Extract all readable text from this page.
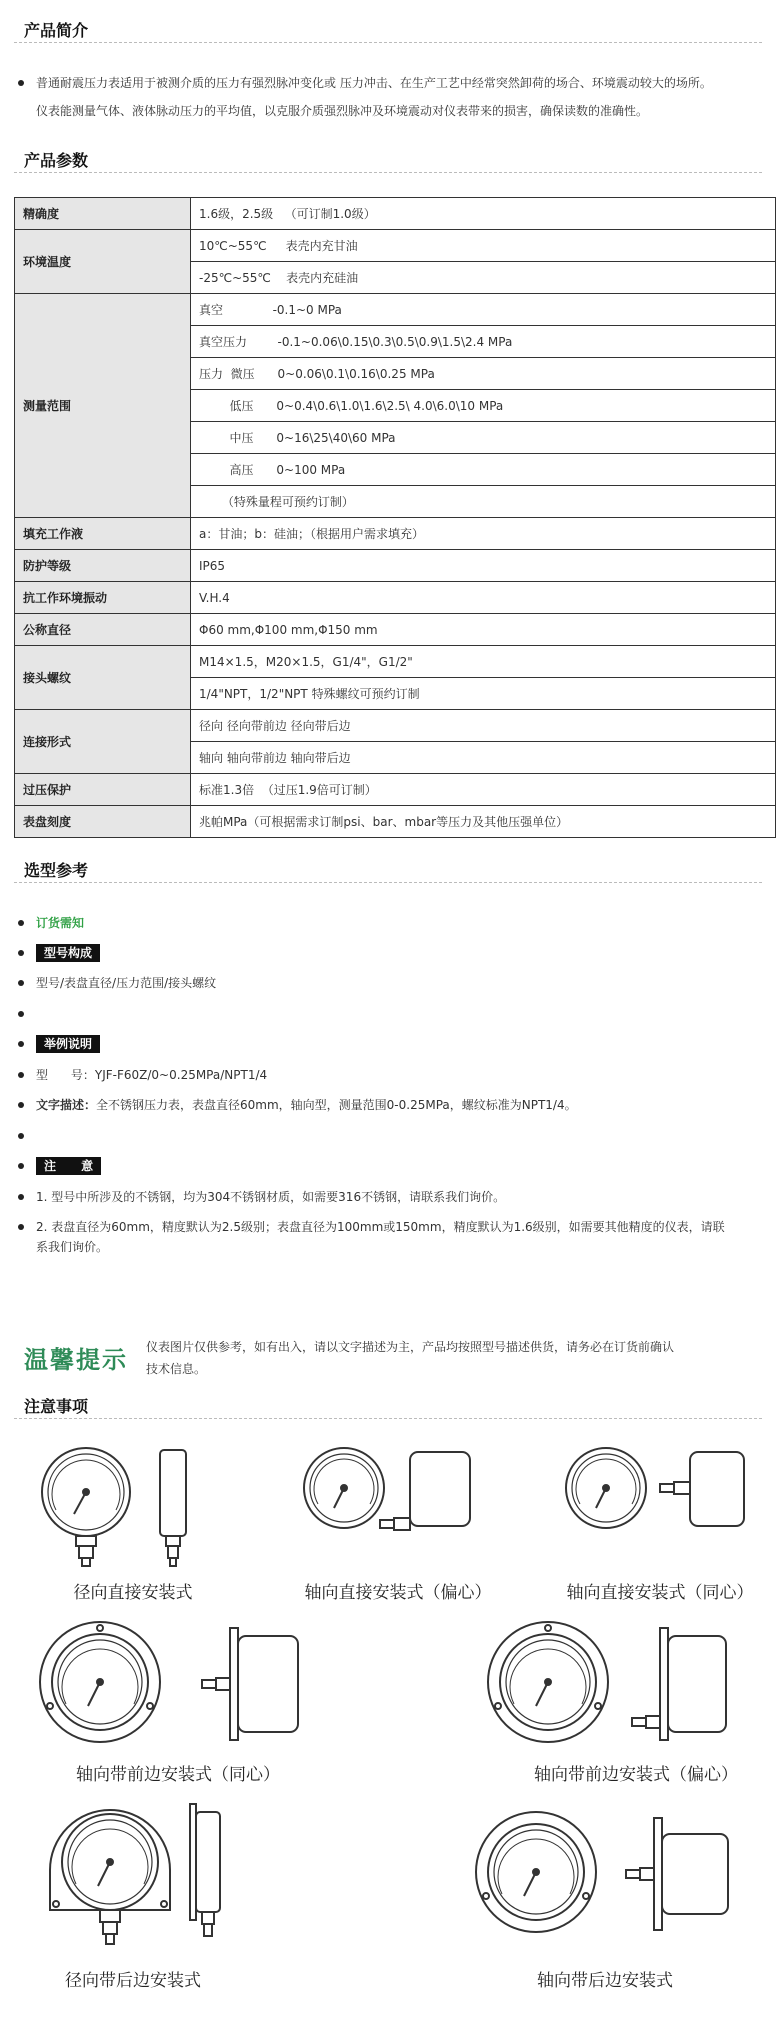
产品简介
普通耐震压力表适用于被测介质的压力有强烈脉冲变化或 压力冲击、在生产工艺中经常突然卸荷的场合、环境震动较大的场所。
仪表能测量气体、液体脉动压力的平均值，以克服介质强烈脉冲及环境震动对仪表带来的损害，确保读数的准确性。
产品参数
精确度	1.6级，2.5级   （可订制1.0级）
环境温度	10℃~55℃     表壳内充甘油
	-25℃~55℃    表壳内充硅油
测量范围	真空             -0.1~0 MPa
	真空压力        -0.1~0.06\0.15\0.3\0.5\0.9\1.5\2.4 MPa
	压力  微压      0~0.06\0.1\0.16\0.25 MPa
	低压      0~0.4\0.6\1.0\1.6\2.5\ 4.0\6.0\10 MPa
	中压      0~16\25\40\60 MPa
	高压      0~100 MPa
	（特殊量程可预约订制）
填充工作液	a：甘油；b：硅油；（根据用户需求填充）
防护等级	IP65
抗工作环境振动	V.H.4
公称直径	Φ60 mm,Φ100 mm,Φ150 mm
接头螺纹	M14×1.5，M20×1.5，G1/4"，G1/2"
	1/4"NPT，1/2"NPT 特殊螺纹可预约订制
连接形式	径向 径向带前边 径向带后边
	轴向 轴向带前边 轴向带后边
过压保护	标准1.3倍  （过压1.9倍可订制）
表盘刻度	兆帕MPa（可根据需求订制psi、bar、mbar等压力及其他压强单位）
选型参考
订货需知
型号构成
型号/表盘直径/压力范围/接头螺纹
举例说明
型      号：YJF-F60Z/0~0.25MPa/NPT1/4
文字描述：全不锈钢压力表，表盘直径60mm，轴向型，测量范围0-0.25MPa，螺纹标准为NPT1/4。
注      意
1. 型号中所涉及的不锈钢，均为304不锈钢材质，如需要316不锈钢，请联系我们询价。
2. 表盘直径为60mm，精度默认为2.5级别；表盘直径为100mm或150mm，精度默认为1.6级别，如需要其他精度的仪表，请联
系我们询价。
温馨提示 仪表图片仅供参考，如有出入，请以文字描述为主，产品均按照型号描述供货，请务必在订货前确认
技术信息。
注意事项
径向直接安装式	轴向直接安装式（偏心）	轴向直接安装式（同心）
轴向带前边安装式（同心）	轴向带前边安装式（偏心）
径向带后边安装式	轴向带后边安装式
